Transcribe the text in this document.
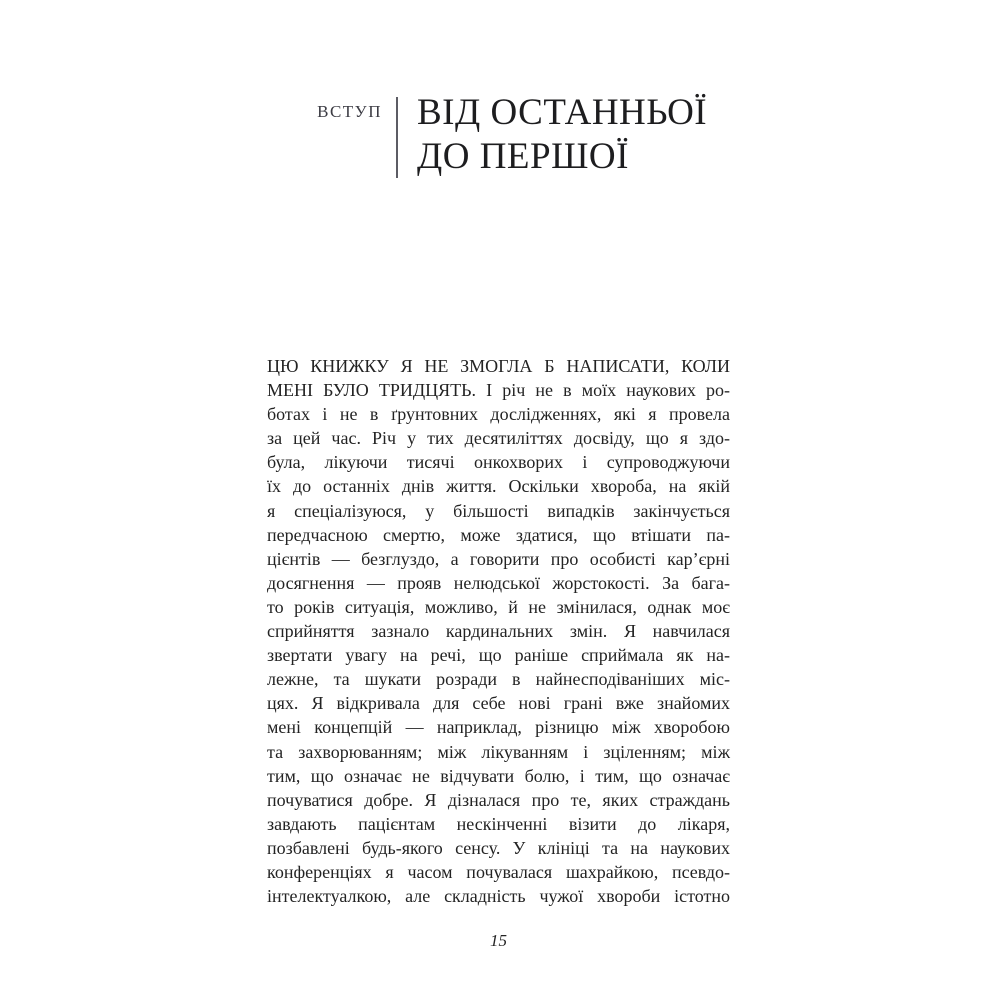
ВСТУП ВІД ОСТАННЬОЇ
ДО ПЕРШОЇ
ЦЮ КНИЖКУ Я НЕ ЗМОГЛА Б НАПИСАТИ, КОЛИ
МЕНІ БУЛО ТРИДЦЯТЬ. І річ не в моїх наукових ро-
ботах і не в ґрунтовних дослідженнях, які я провела
за цей час. Річ у тих десятиліттях досвіду, що я здо-
була, лікуючи тисячі онкохворих і супроводжуючи
їх до останніх днів життя. Оскільки хвороба, на якій
я спеціалізуюся, у більшості випадків закінчується
передчасною смертю, може здатися, що втішати па-
цієнтів — безглуздо, а говорити про особисті кар’єрні
досягнення — прояв нелюдської жорстокості. За бага-
то років ситуація, можливо, й не змінилася, однак моє
сприйняття зазнало кардинальних змін. Я навчилася
звертати увагу на речі, що раніше сприймала як на-
лежне, та шукати розради в найнесподіваніших міс-
цях. Я відкривала для себе нові грані вже знайомих
мені концепцій — наприклад, різницю між хворобою
та захворюванням; між лікуванням і зціленням; між
тим, що означає не відчувати болю, і тим, що означає
почуватися добре. Я дізналася про те, яких страждань
завдають пацієнтам нескінченні візити до лікаря,
позбавлені будь-якого сенсу. У клініці та на наукових
конференціях я часом почувалася шахрайкою, псевдо-
інтелектуалкою, але складність чужої хвороби істотно
15
